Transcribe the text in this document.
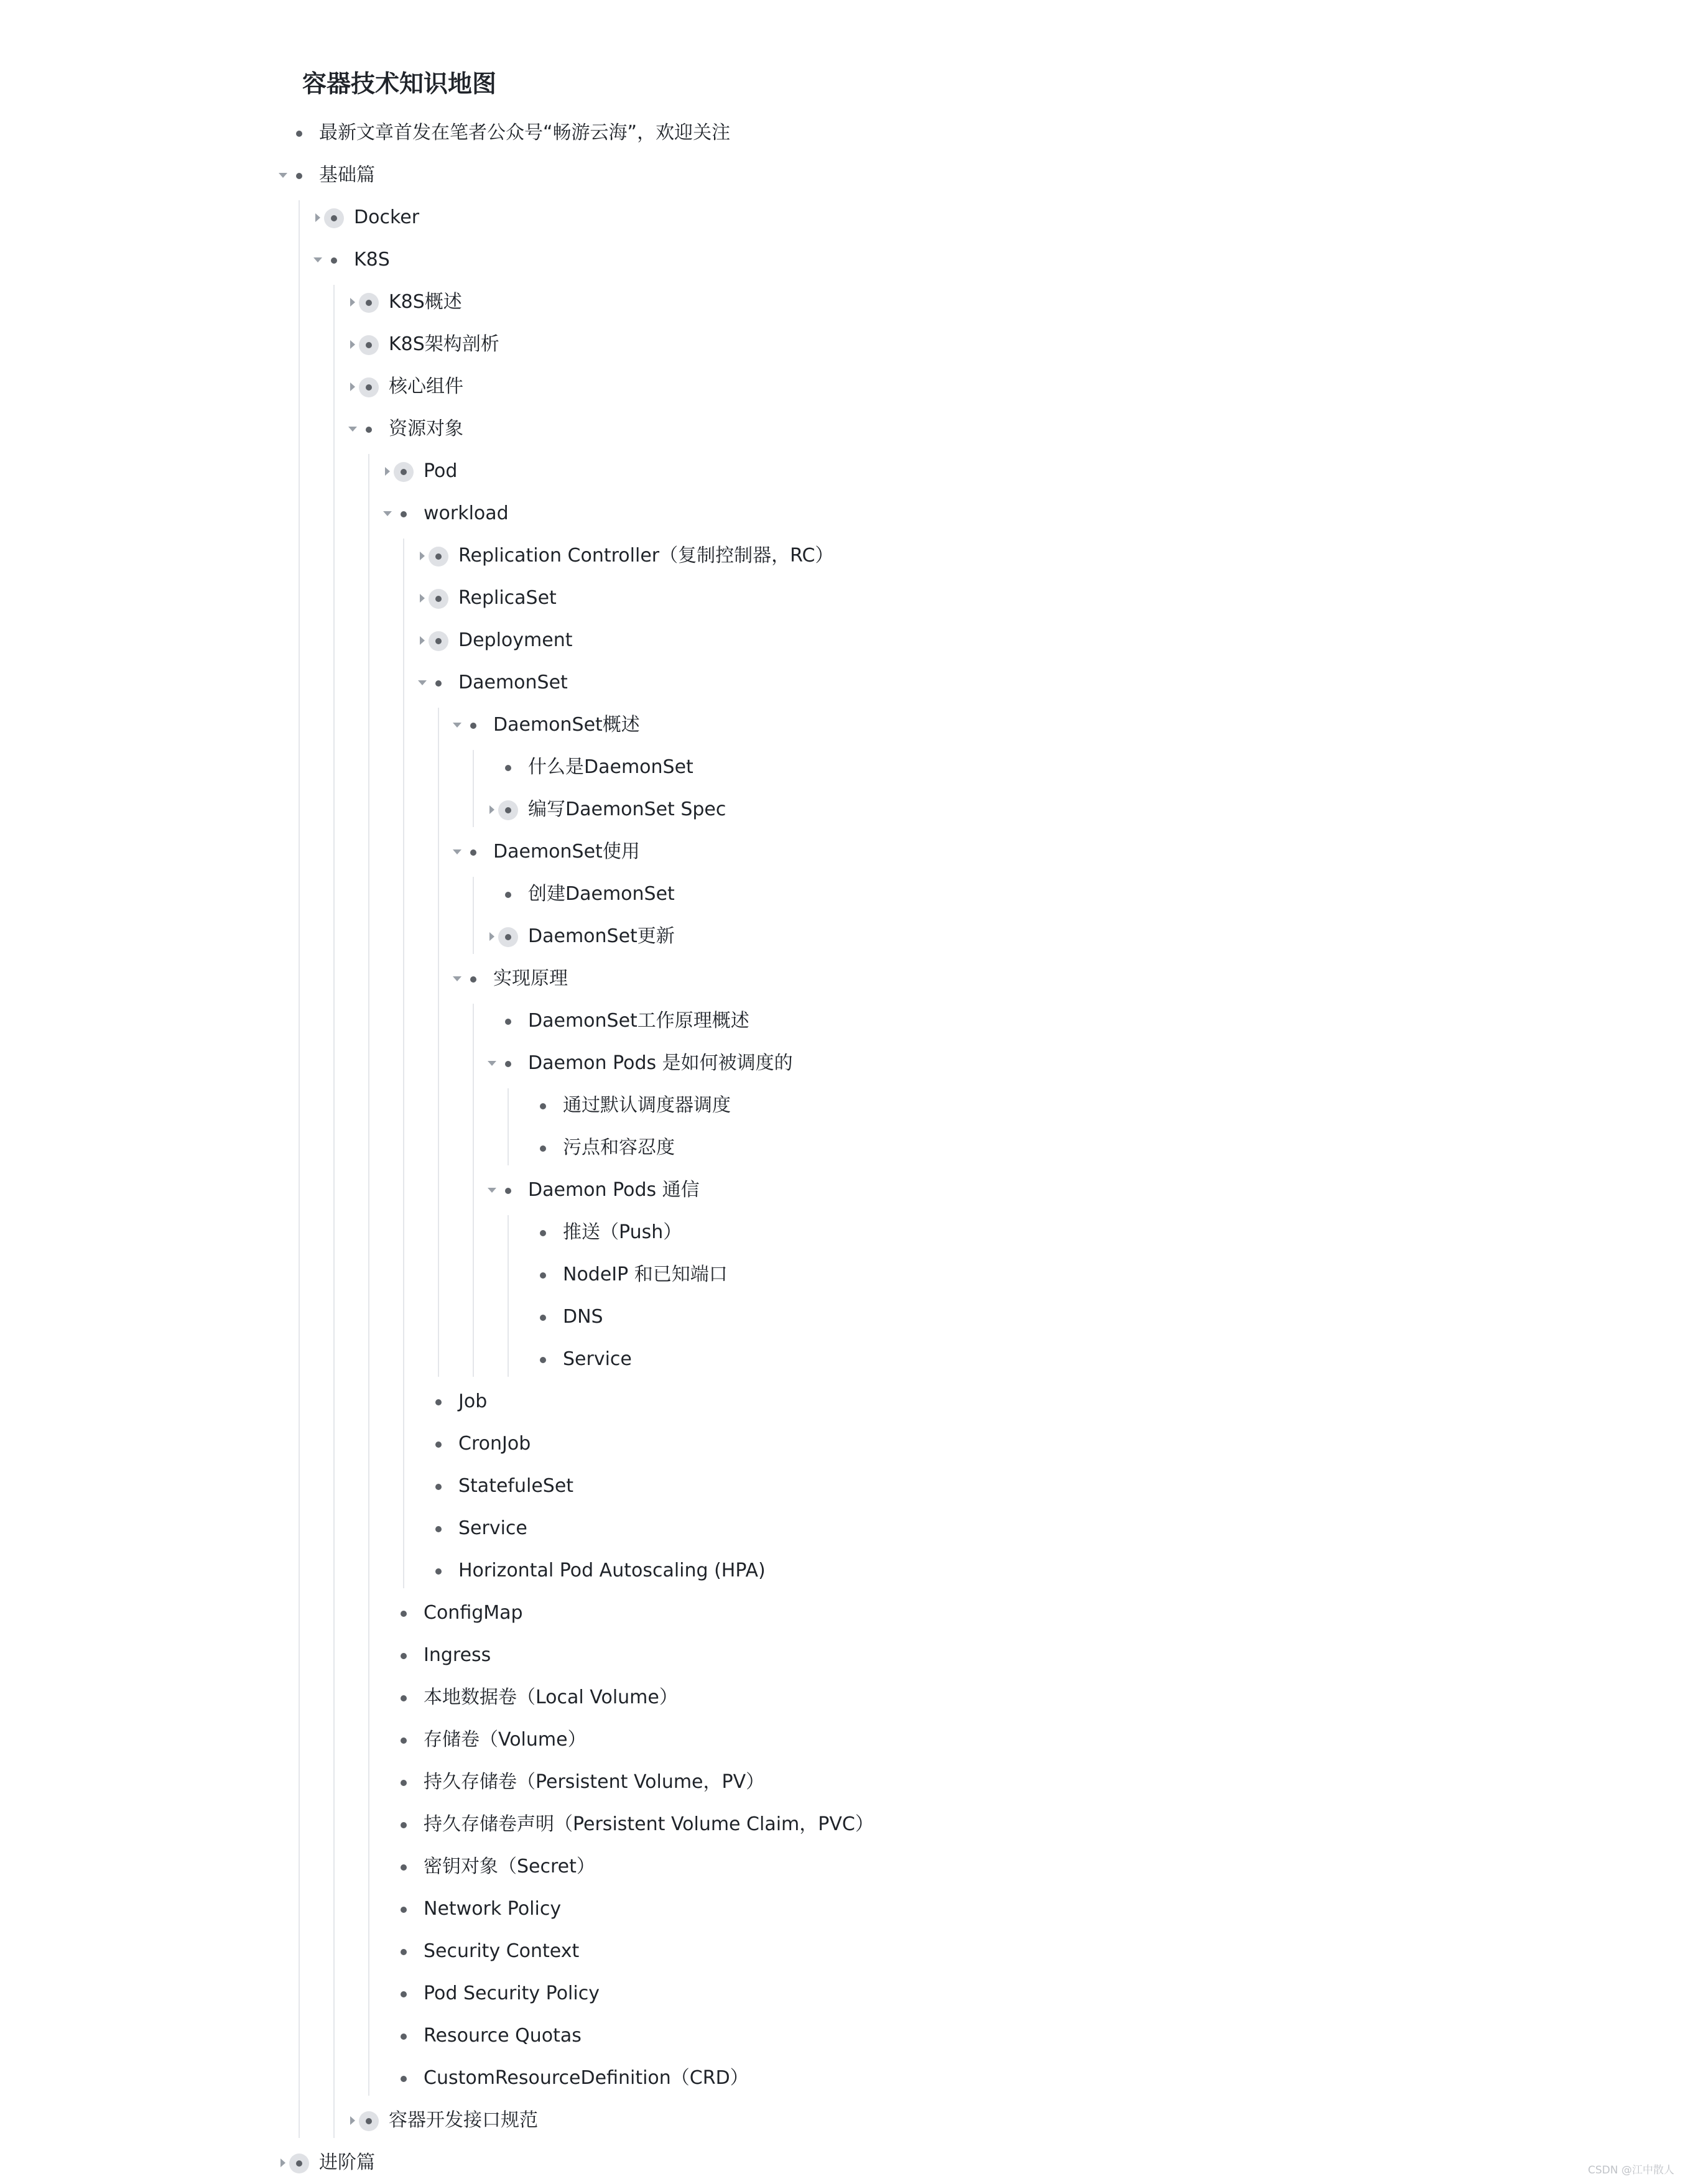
容器技术知识地图
最新文章首发在笔者公众号“畅游云海”，欢迎关注
基础篇
Docker
K8S
K8S概述
K8S架构剖析
核心组件
资源对象
Pod
workload
Replication Controller（复制控制器，RC）
ReplicaSet
Deployment
DaemonSet
DaemonSet概述
什么是DaemonSet
编写DaemonSet Spec
DaemonSet使用
创建DaemonSet
DaemonSet更新
实现原理
DaemonSet工作原理概述
Daemon Pods 是如何被调度的
通过默认调度器调度
污点和容忍度
Daemon Pods 通信
推送（Push）
NodeIP 和已知端口
DNS
Service
Job
CronJob
StatefuleSet
Service
Horizontal Pod Autoscaling (HPA)
ConfigMap
Ingress
本地数据卷（Local Volume）
存储卷（Volume）
持久存储卷（Persistent Volume，PV）
持久存储卷声明（Persistent Volume Claim，PVC）
密钥对象（Secret）
Network Policy
Security Context
Pod Security Policy
Resource Quotas
CustomResourceDefinition（CRD）
容器开发接口规范
进阶篇	CSDN @江中散人
